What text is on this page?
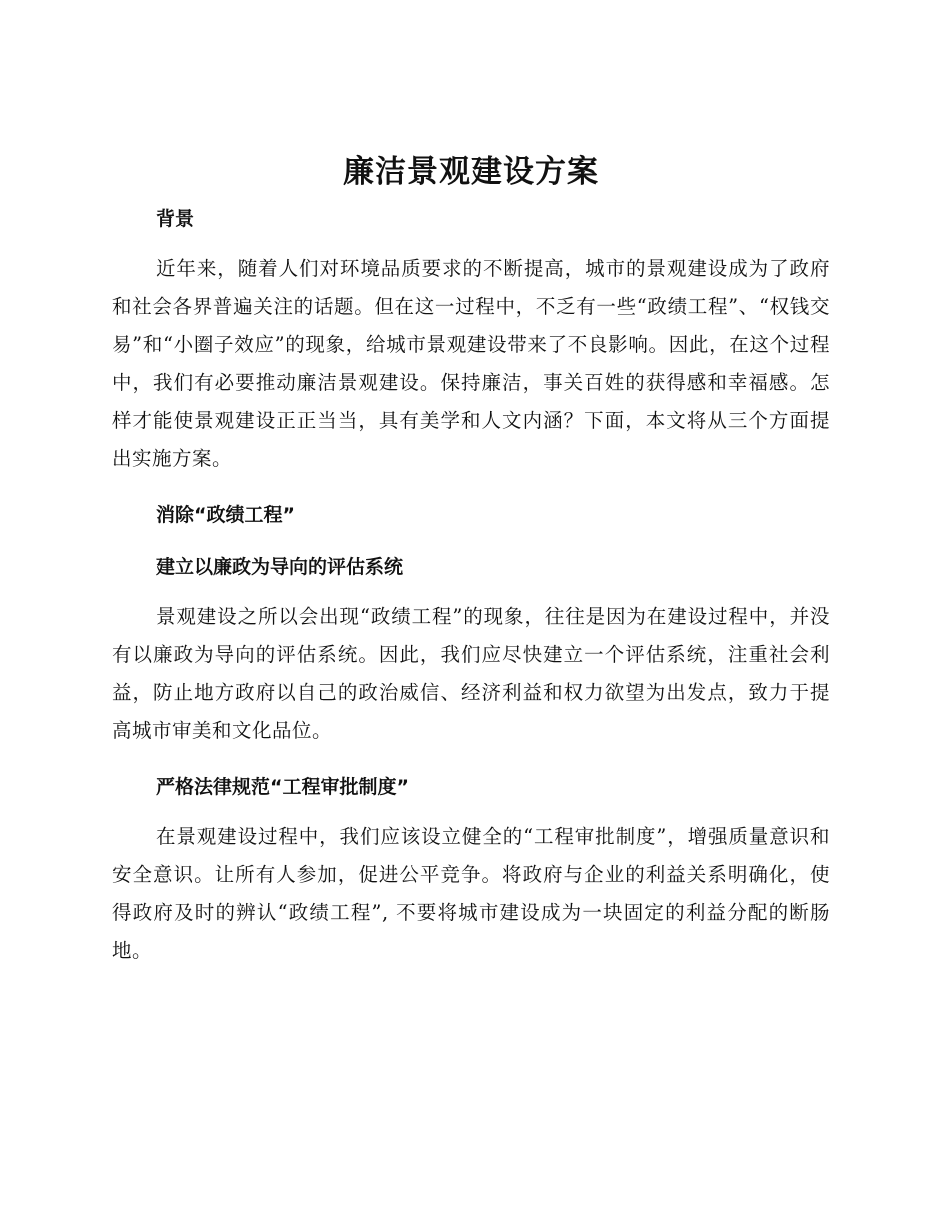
廉洁景观建设方案
背景

近年来，随着人们对环境品质要求的不断提高，城市的景观建设成为了政府和社会各界普遍关注的话题。但在这一过程中，不乏有一些“政绩工程”、“权钱交易”和“小圈子效应”的现象，给城市景观建设带来了不良影响。因此，在这个过程中，我们有必要推动廉洁景观建设。保持廉洁，事关百姓的获得感和幸福感。怎样才能使景观建设正正当当，具有美学和人文内涵？下面，本文将从三个方面提出实施方案。

消除“政绩工程”
建立以廉政为导向的评估系统

景观建设之所以会出现“政绩工程”的现象，往往是因为在建设过程中，并没有以廉政为导向的评估系统。因此，我们应尽快建立一个评估系统，注重社会利益，防止地方政府以自己的政治威信、经济利益和权力欲望为出发点，致力于提高城市审美和文化品位。

严格法律规范“工程审批制度”

在景观建设过程中，我们应该设立健全的“工程审批制度”，增强质量意识和安全意识。让所有人参加，促进公平竞争。将政府与企业的利益关系明确化，使得政府及时的辨认“政绩工程”, 不要将城市建设成为一块固定的利益分配的断肠地。
